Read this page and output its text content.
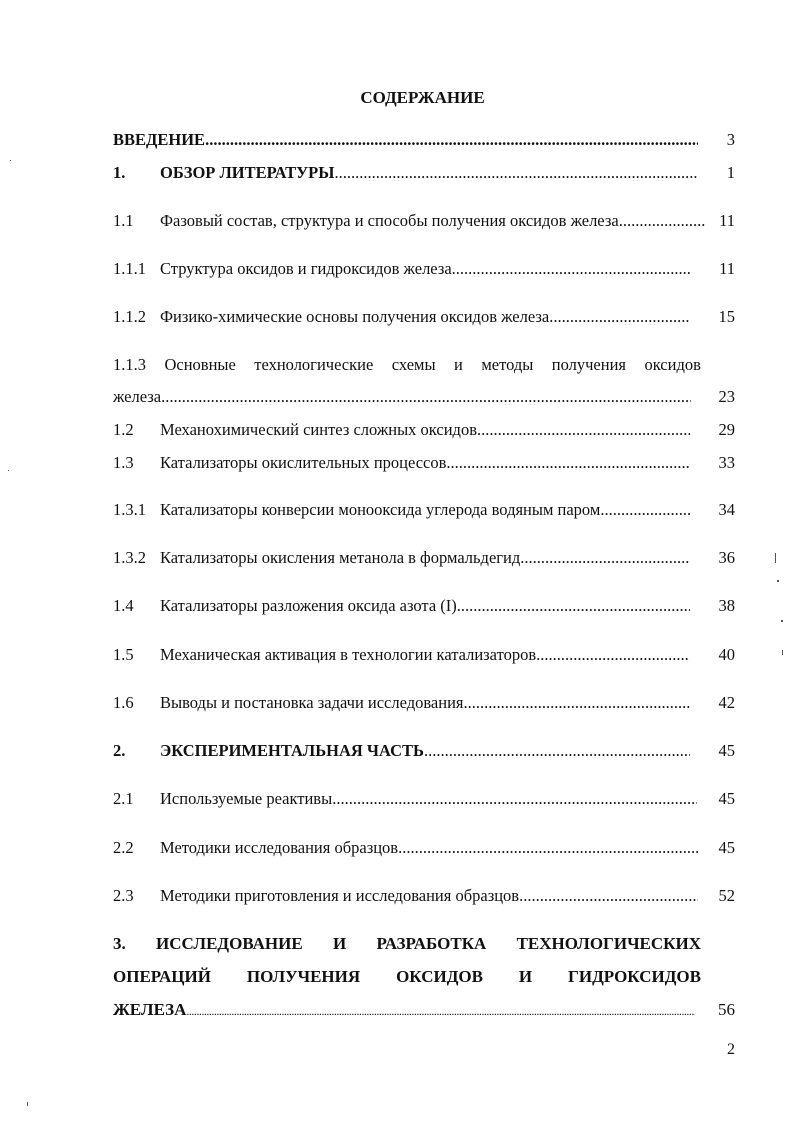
СОДЕРЖАНИЕ
ВВЕДЕНИЕ .....	3
1. ОБЗОР ЛИТЕРАТУРЫ .....	1
1.1 Фазовый состав, структура и способы получения оксидов железа .....	11
1.1.1 Структура оксидов и гидроксидов железа .....	11
1.1.2 Физико-химические основы получения оксидов железа .....	15
1.1.3 Основные технологические схемы и методы получения оксидов
железа .....	23
1.2 Механохимический синтез сложных оксидов .....	29
1.3 Катализаторы окислительных процессов .....	33
1.3.1 Катализаторы конверсии монооксида углерода водяным паром .....	34
1.3.2 Катализаторы окисления метанола в формальдегид .....	36
1.4 Катализаторы разложения оксида азота (I) .....	38
1.5 Механическая активация в технологии катализаторов .....	40
1.6 Выводы и постановка задачи исследования .....	42
2. ЭКСПЕРИМЕНТАЛЬНАЯ ЧАСТЬ .....	45
2.1 Используемые реактивы .....	45
2.2 Методики исследования образцов .....	45
2.3 Методики приготовления и исследования образцов .....	52
3. ИССЛЕДОВАНИЕ И РАЗРАБОТКА ТЕХНОЛОГИЧЕСКИХ
ОПЕРАЦИЙ ПОЛУЧЕНИЯ ОКСИДОВ И ГИДРОКСИДОВ
ЖЕЛЕЗА .....	56
2
